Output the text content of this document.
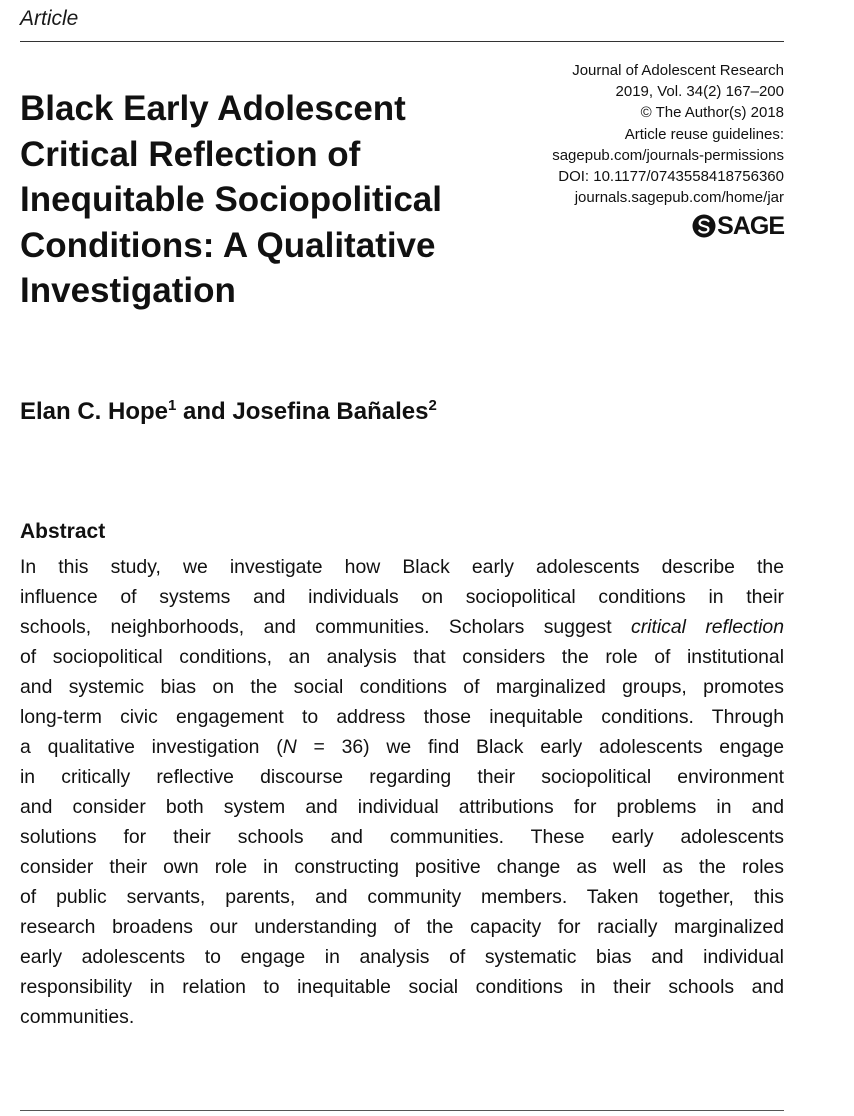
Article
Black Early Adolescent
Critical Reflection of
Inequitable Sociopolitical
Conditions: A Qualitative
Investigation
Journal of Adolescent Research
2019, Vol. 34(2) 167–200
© The Author(s) 2018
Article reuse guidelines:
sagepub.com/journals-permissions
DOI: 10.1177/0743558418756360
journals.sagepub.com/home/jar
SAGE
Elan C. Hope$^1$ and Josefina Bañales$^2$
Abstract
In this study, we investigate how Black early adolescents describe the
influence of systems and individuals on sociopolitical conditions in their
schools, neighborhoods, and communities. Scholars suggest critical reflection
of sociopolitical conditions, an analysis that considers the role of institutional
and systemic bias on the social conditions of marginalized groups, promotes
long-term civic engagement to address those inequitable conditions. Through
a qualitative investigation (N = 36) we find Black early adolescents engage
in critically reflective discourse regarding their sociopolitical environment
and consider both system and individual attributions for problems in and
solutions for their schools and communities. These early adolescents
consider their own role in constructing positive change as well as the roles
of public servants, parents, and community members. Taken together, this
research broadens our understanding of the capacity for racially marginalized
early adolescents to engage in analysis of systematic bias and individual
responsibility in relation to inequitable social conditions in their schools and
communities.
